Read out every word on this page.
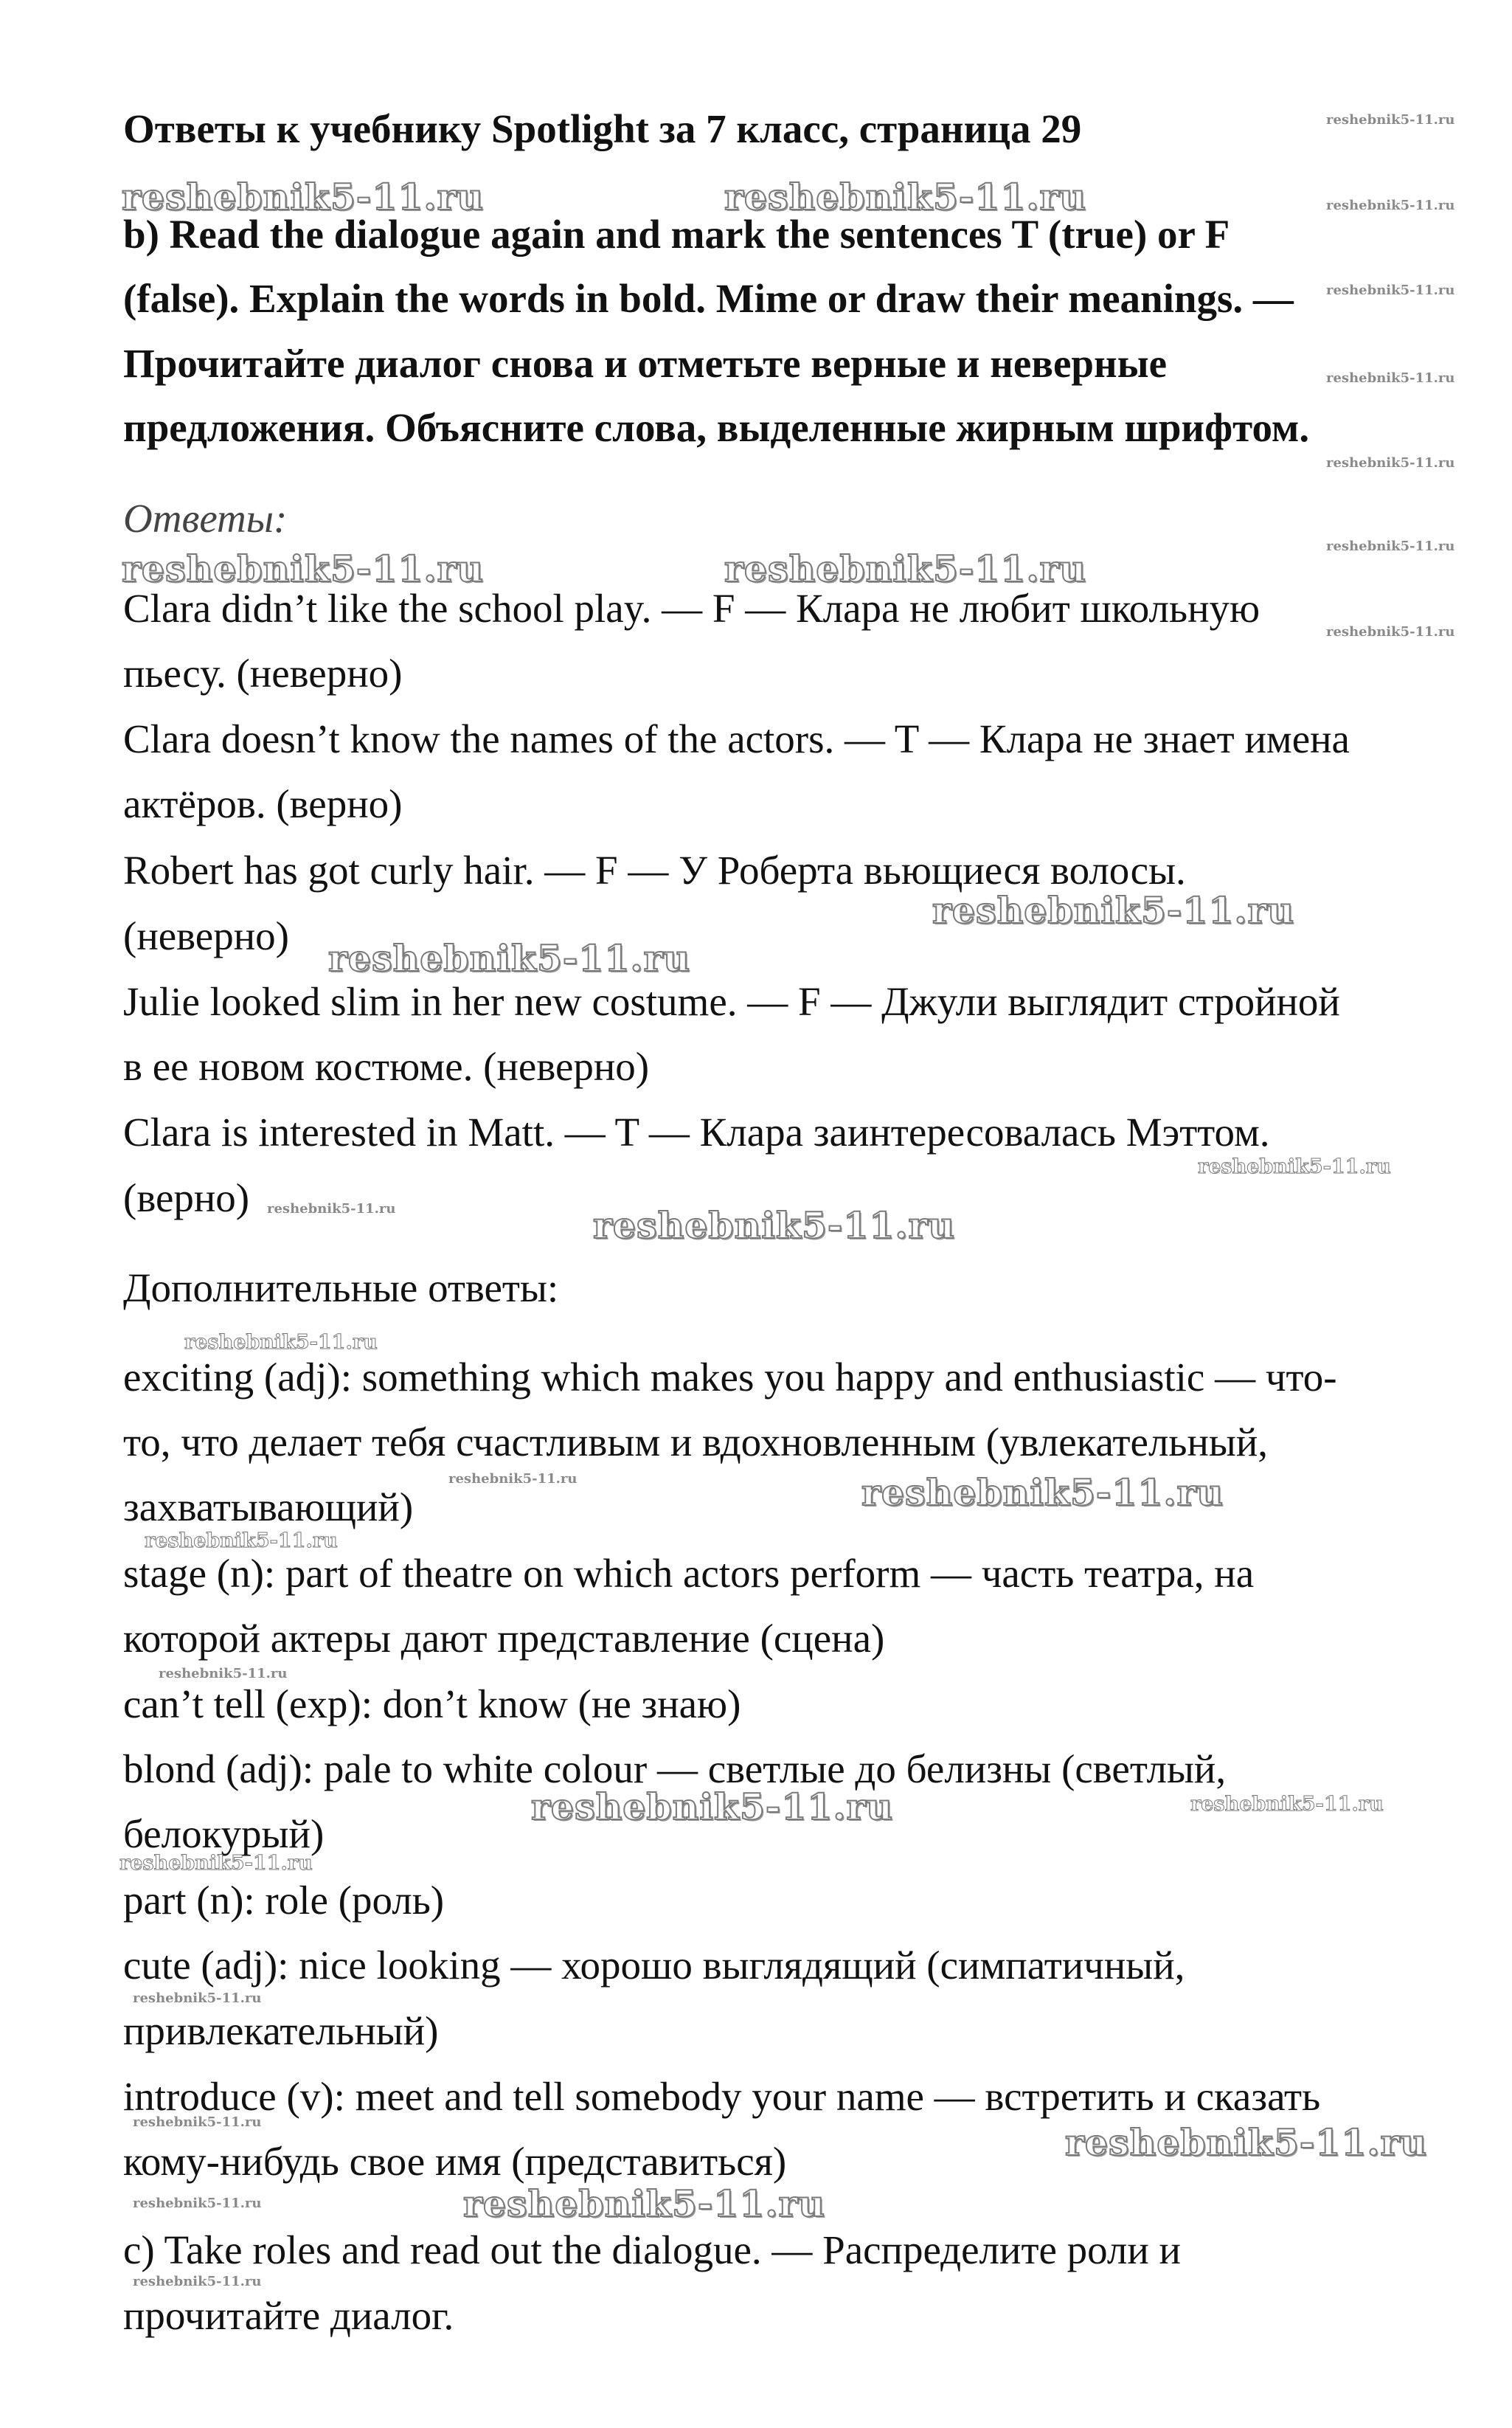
Ответы к учебнику Spotlight за 7 класс, страница 29
b) Read the dialogue again and mark the sentences T (true) or F
(false). Explain the words in bold. Mime or draw their meanings. —
Прочитайте диалог снова и отметьте верные и неверные
предложения. Объясните слова, выделенные жирным шрифтом.
Ответы:
Clara didn’t like the school play. — F — Клара не любит школьную
пьесу. (неверно)
Clara doesn’t know the names of the actors. — T — Клара не знает имена
актёров. (верно)
Robert has got curly hair. — F — У Роберта вьющиеся волосы.
(неверно)
Julie looked slim in her new costume. — F — Джули выглядит стройной
в ее новом костюме. (неверно)
Clara is interested in Matt. — T — Клара заинтересовалась Мэттом.
(верно)
Дополнительные ответы:
exciting (adj): something which makes you happy and enthusiastic — что-
то, что делает тебя счастливым и вдохновленным (увлекательный,
захватывающий)
stage (n): part of theatre on which actors perform — часть театра, на
которой актеры дают представление (сцена)
can’t tell (exp): don’t know (не знаю)
blond (adj): pale to white colour — светлые до белизны (светлый,
белокурый)
part (n): role (роль)
cute (adj): nice looking — хорошо выглядящий (симпатичный,
привлекательный)
introduce (v): meet and tell somebody your name — встретить и сказать
кому-нибудь свое имя (представиться)
c) Take roles and read out the dialogue. — Распределите роли и
прочитайте диалог.
reshebnik5-11.ru	reshebnik5-11.ru
reshebnik5-11.ru	reshebnik5-11.ru
reshebnik5-11.ru
reshebnik5-11.ru
reshebnik5-11.ru
reshebnik5-11.ru
reshebnik5-11.ru
reshebnik5-11.ru
reshebnik5-11.ru
reshebnik5-11.ru
reshebnik5-11.ru
reshebnik5-11.ru
reshebnik5-11.ru
reshebnik5-11.ru
reshebnik5-11.ru
reshebnik5-11.ru
reshebnik5-11.ru
reshebnik5-11.ru
reshebnik5-11.ru
reshebnik5-11.ru
reshebnik5-11.ru
reshebnik5-11.ru
reshebnik5-11.ru
reshebnik5-11.ru
reshebnik5-11.ru
reshebnik5-11.ru
reshebnik5-11.ru
reshebnik5-11.ru
